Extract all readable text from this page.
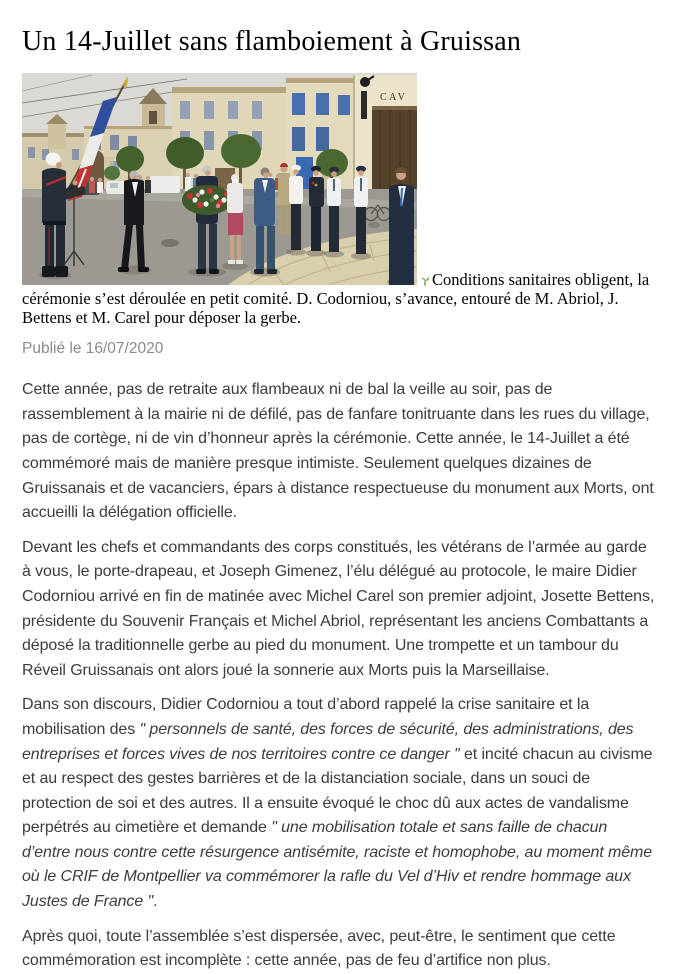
Un 14-Juillet sans flamboiement à Gruissan
CAV
Conditions sanitaires obligent, la cérémonie s’est déroulée en petit comité. D. Codorniou, s’avance, entouré de M. Abriol, J. Bettens et M. Carel pour déposer la gerbe.

Publié le 16/07/2020

Cette année, pas de retraite aux flambeaux ni de bal la veille au soir, pas de rassemblement à la mairie ni de défilé, pas de fanfare tonitruante dans les rues du village, pas de cortège, ni de vin d’honneur après la cérémonie. Cette année, le 14-Juillet a été commémoré mais de manière presque intimiste. Seulement quelques dizaines de Gruissanais et de vacanciers, épars à distance respectueuse du monument aux Morts, ont accueilli la délégation officielle.

Devant les chefs et commandants des corps constitués, les vétérans de l’armée au garde à vous, le porte-drapeau, et Joseph Gimenez, l’élu délégué au protocole, le maire Didier Codorniou arrivé en fin de matinée avec Michel Carel son premier adjoint, Josette Bettens, présidente du Souvenir Français et Michel Abriol, représentant les anciens Combattants a déposé la traditionnelle gerbe au pied du monument. Une trompette et un tambour du Réveil Gruissanais ont alors joué la sonnerie aux Morts puis la Marseillaise.

Dans son discours, Didier Codorniou a tout d’abord rappelé la crise sanitaire et la mobilisation des " personnels de santé, des forces de sécurité, des administrations, des entreprises et forces vives de nos territoires contre ce danger " et incité chacun au civisme et au respect des gestes barrières et de la distanciation sociale, dans un souci de protection de soi et des autres. Il a ensuite évoqué le choc dû aux actes de vandalisme perpétrés au cimetière et demande " une mobilisation totale et sans faille de chacun d’entre nous contre cette résurgence antisémite, raciste et homophobe, au moment même où le CRIF de Montpellier va commémorer la rafle du Vel d’Hiv et rendre hommage aux Justes de France ".

Après quoi, toute l’assemblée s’est dispersée, avec, peut-être, le sentiment que cette commémoration est incomplète : cette année, pas de feu d’artifice non plus.
